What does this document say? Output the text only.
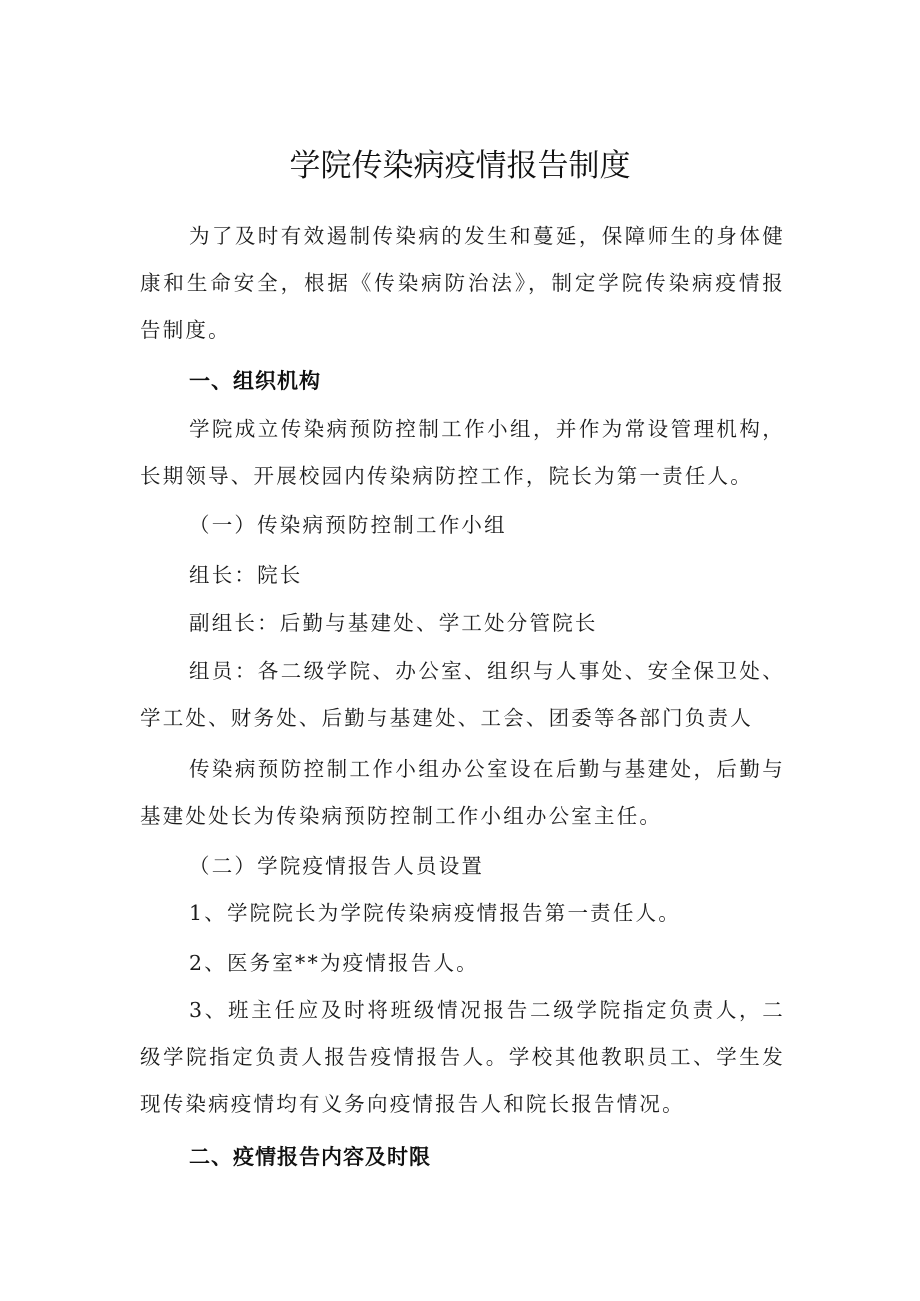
学院传染病疫情报告制度

为了及时有效遏制传染病的发生和蔓延，保障师生的身体健康和生命安全，根据《传染病防治法》，制定学院传染病疫情报告制度。

一、组织机构

学院成立传染病预防控制工作小组，并作为常设管理机构，长期领导、开展校园内传染病防控工作，院长为第一责任人。

（一）传染病预防控制工作小组

组长：院长

副组长：后勤与基建处、学工处分管院长

组员：各二级学院、办公室、组织与人事处、安全保卫处、学工处、财务处、后勤与基建处、工会、团委等各部门负责人

传染病预防控制工作小组办公室设在后勤与基建处，后勤与基建处处长为传染病预防控制工作小组办公室主任。

（二）学院疫情报告人员设置

1、学院院长为学院传染病疫情报告第一责任人。

2、医务室**为疫情报告人。

3、班主任应及时将班级情况报告二级学院指定负责人，二级学院指定负责人报告疫情报告人。学校其他教职员工、学生发现传染病疫情均有义务向疫情报告人和院长报告情况。

二、疫情报告内容及时限
